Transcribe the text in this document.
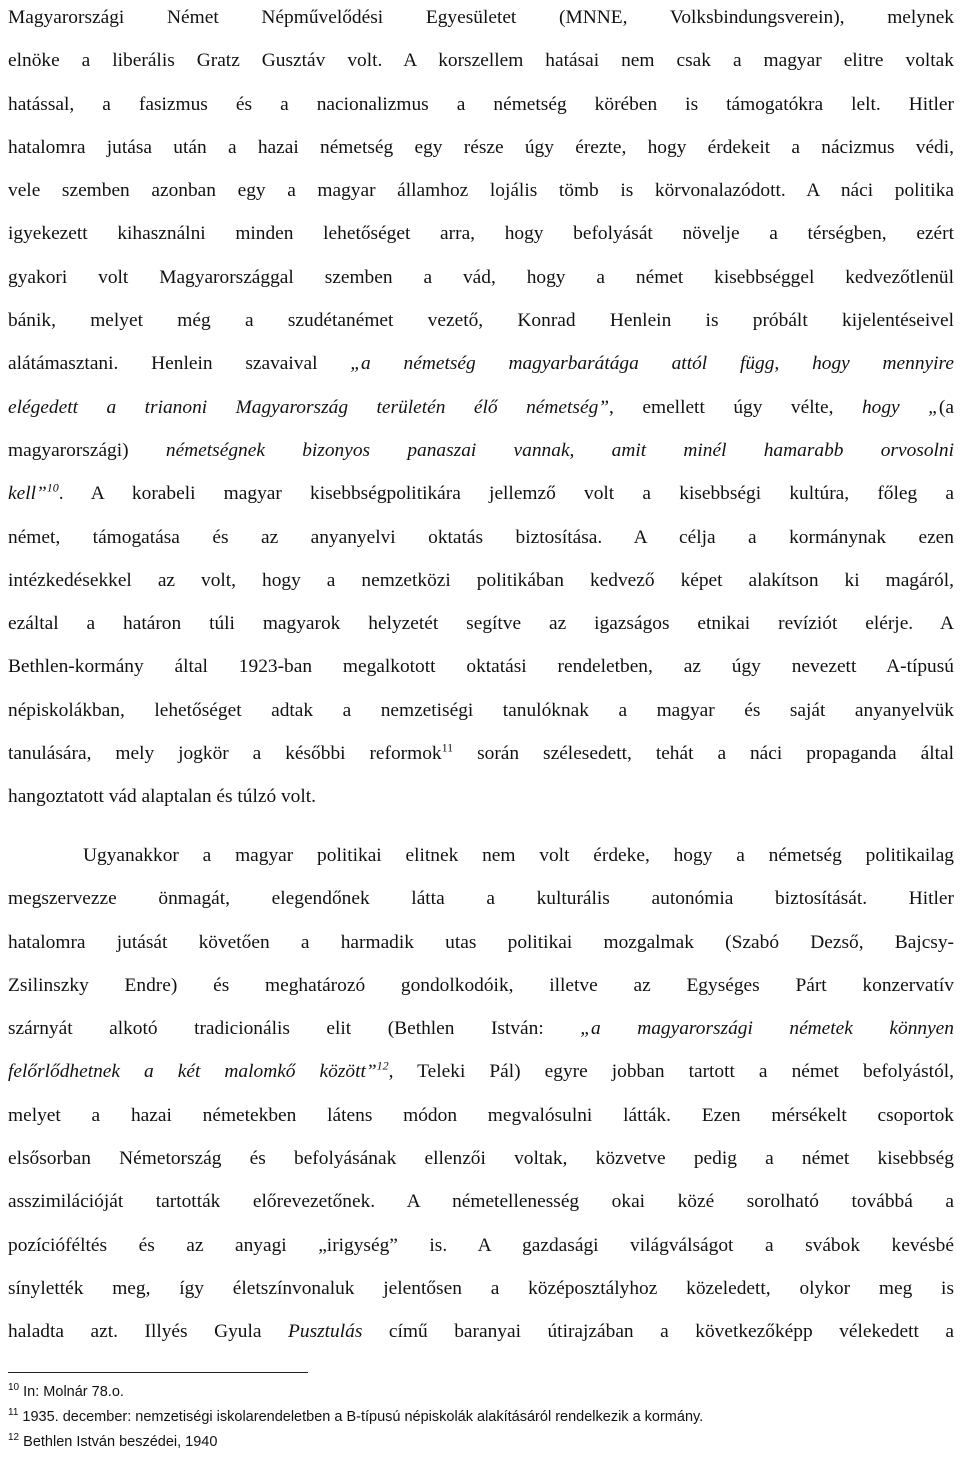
Magyarországi Német Népművelődési Egyesületet (MNNE, Volksbindungsverein), melynek
elnöke a liberális Gratz Gusztáv volt. A korszellem hatásai nem csak a magyar elitre voltak
hatással, a fasizmus és a nacionalizmus a németség körében is támogatókra lelt. Hitler
hatalomra jutása után a hazai németség egy része úgy érezte, hogy érdekeit a nácizmus védi,
vele szemben azonban egy a magyar államhoz lojális tömb is körvonalazódott. A náci politika
igyekezett kihasználni minden lehetőséget arra, hogy befolyását növelje a térségben, ezért
gyakori volt Magyarországgal szemben a vád, hogy a német kisebbséggel kedvezőtlenül
bánik, melyet még a szudétanémet vezető, Konrad Henlein is próbált kijelentéseivel
alátámasztani. Henlein szavaival „a németség magyarbarátága attól függ, hogy mennyire
elégedett a trianoni Magyarország területén élő németség”, emellett úgy vélte, hogy „(a
magyarországi) németségnek bizonyos panaszai vannak, amit minél hamarabb orvosolni
kell”$^{10}$. A korabeli magyar kisebbségpolitikára jellemző volt a kisebbségi kultúra, főleg a
német, támogatása és az anyanyelvi oktatás biztosítása. A célja a kormánynak ezen
intézkedésekkel az volt, hogy a nemzetközi politikában kedvező képet alakítson ki magáról,
ezáltal a határon túli magyarok helyzetét segítve az igazságos etnikai revíziót elérje. A
Bethlen-kormány által 1923-ban megalkotott oktatási rendeletben, az úgy nevezett A-típusú
népiskolákban, lehetőséget adtak a nemzetiségi tanulóknak a magyar és saját anyanyelvük
tanulására, mely jogkör a későbbi reformok$^{11}$ során szélesedett, tehát a náci propaganda által
hangoztatott vád alaptalan és túlzó volt.
Ugyanakkor a magyar politikai elitnek nem volt érdeke, hogy a németség politikailag
megszervezze önmagát, elegendőnek látta a kulturális autonómia biztosítását. Hitler
hatalomra jutását követően a harmadik utas politikai mozgalmak (Szabó Dezső, Bajcsy-
Zsilinszky Endre) és meghatározó gondolkodóik, illetve az Egységes Párt konzervatív
szárnyát alkotó tradicionális elit (Bethlen István: „a magyarországi németek könnyen
felőrlődhetnek a két malomkő között”$^{12}$, Teleki Pál) egyre jobban tartott a német befolyástól,
melyet a hazai németekben látens módon megvalósulni látták. Ezen mérsékelt csoportok
elsősorban Németország és befolyásának ellenzői voltak, közvetve pedig a német kisebbség
asszimilációját tartották előrevezetőnek. A németellenesség okai közé sorolható továbbá a
pozícióféltés és az anyagi „irigység” is. A gazdasági világválságot a svábok kevésbé
sínylették meg, így életszínvonaluk jelentősen a középosztályhoz közeledett, olykor meg is
haladta azt. Illyés Gyula Pusztulás című baranyai útirajzában a következőképp vélekedett a
$^{10}$ In: Molnár 78.o.
$^{11}$ 1935. december: nemzetiségi iskolarendeletben a B-típusú népiskolák alakításáról rendelkezik a kormány.
$^{12}$ Bethlen István beszédei, 1940
